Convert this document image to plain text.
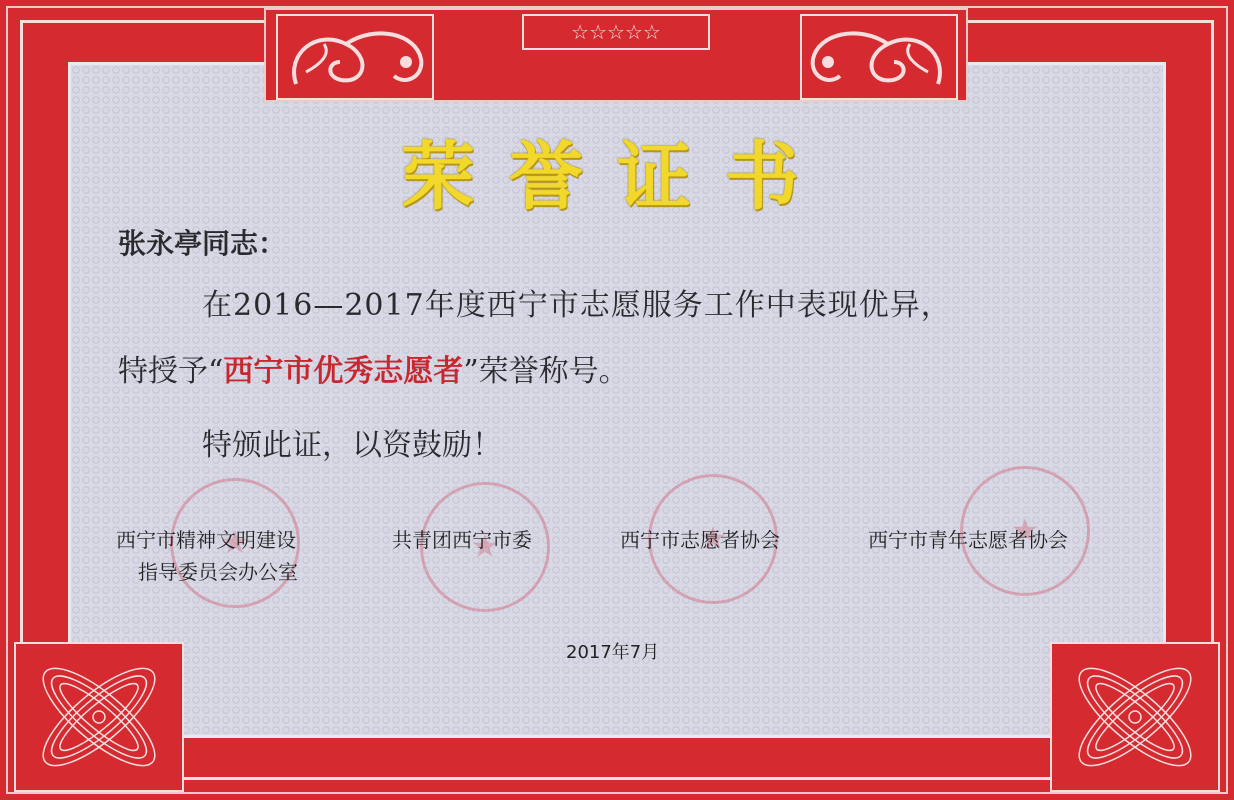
☆☆☆☆☆
荣誉证书
张永亭同志：
在2016—2017年度西宁市志愿服务工作中表现优异，
特授予“西宁市优秀志愿者”荣誉称号。
特颁此证，以资鼓励！
★
★
★
★
西宁市精神文明建设
指导委员会办公室
共青团西宁市委	西宁市志愿者协会	西宁市青年志愿者协会
2017年7月
